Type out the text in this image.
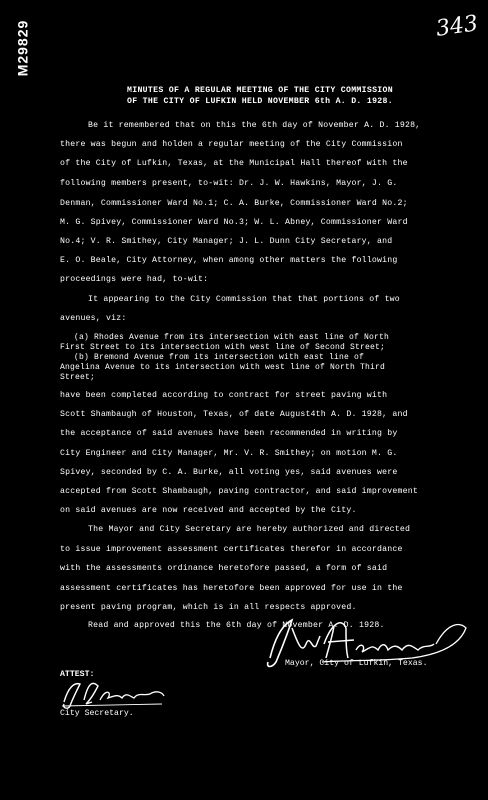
M29829	343
MINUTES OF A REGULAR MEETING OF THE CITY COMMISSION
OF THE CITY OF LUFKIN HELD NOVEMBER 6th A. D. 1928.
Be it remembered that on this the 6th day of November A. D. 1928,
there was begun and holden a regular meeting of the City Commission
of the City of Lufkin, Texas, at the Municipal Hall thereof with the
following members present, to-wit: Dr. J. W. Hawkins, Mayor, J. G.
Denman, Commissioner Ward No.1; C. A. Burke, Commissioner Ward No.2;
M. G. Spivey, Commissioner Ward No.3; W. L. Abney, Commissioner Ward
No.4; V. R. Smithey, City Manager; J. L. Dunn City Secretary, and
E. O. Beale, City Attorney, when among other matters the following
proceedings were had, to-wit:
It appearing to the City Commission that that portions of two
avenues, viz:
(a) Rhodes Avenue from its intersection with east line of North
First Street to its intersection with west line of Second Street;
(b) Bremond Avenue from its intersection with east line of
Angelina Avenue to its intersection with west line of North Third
Street;
have been completed according to contract for street paving with
Scott Shambaugh of Houston, Texas, of date August4th A. D. 1928, and
the acceptance of said avenues have been recommended in writing by
City Engineer and City Manager, Mr. V. R. Smithey; on motion M. G.
Spivey, seconded by C. A. Burke, all voting yes, said avenues were
accepted from Scott Shambaugh, paving contractor, and said improvement
on said avenues are now received and accepted by the City.
The Mayor and City Secretary are hereby authorized and directed
to issue improvement assessment certificates therefor in accordance
with the assessments ordinance heretofore passed, a form of said
assessment certificates has heretofore been approved for use in the
present paving program, which is in all respects approved.
Read and approved this the 6th day of November A. D. 1928.
Mayor, City of Lufkin, Texas.
ATTEST:
City Secretary.
